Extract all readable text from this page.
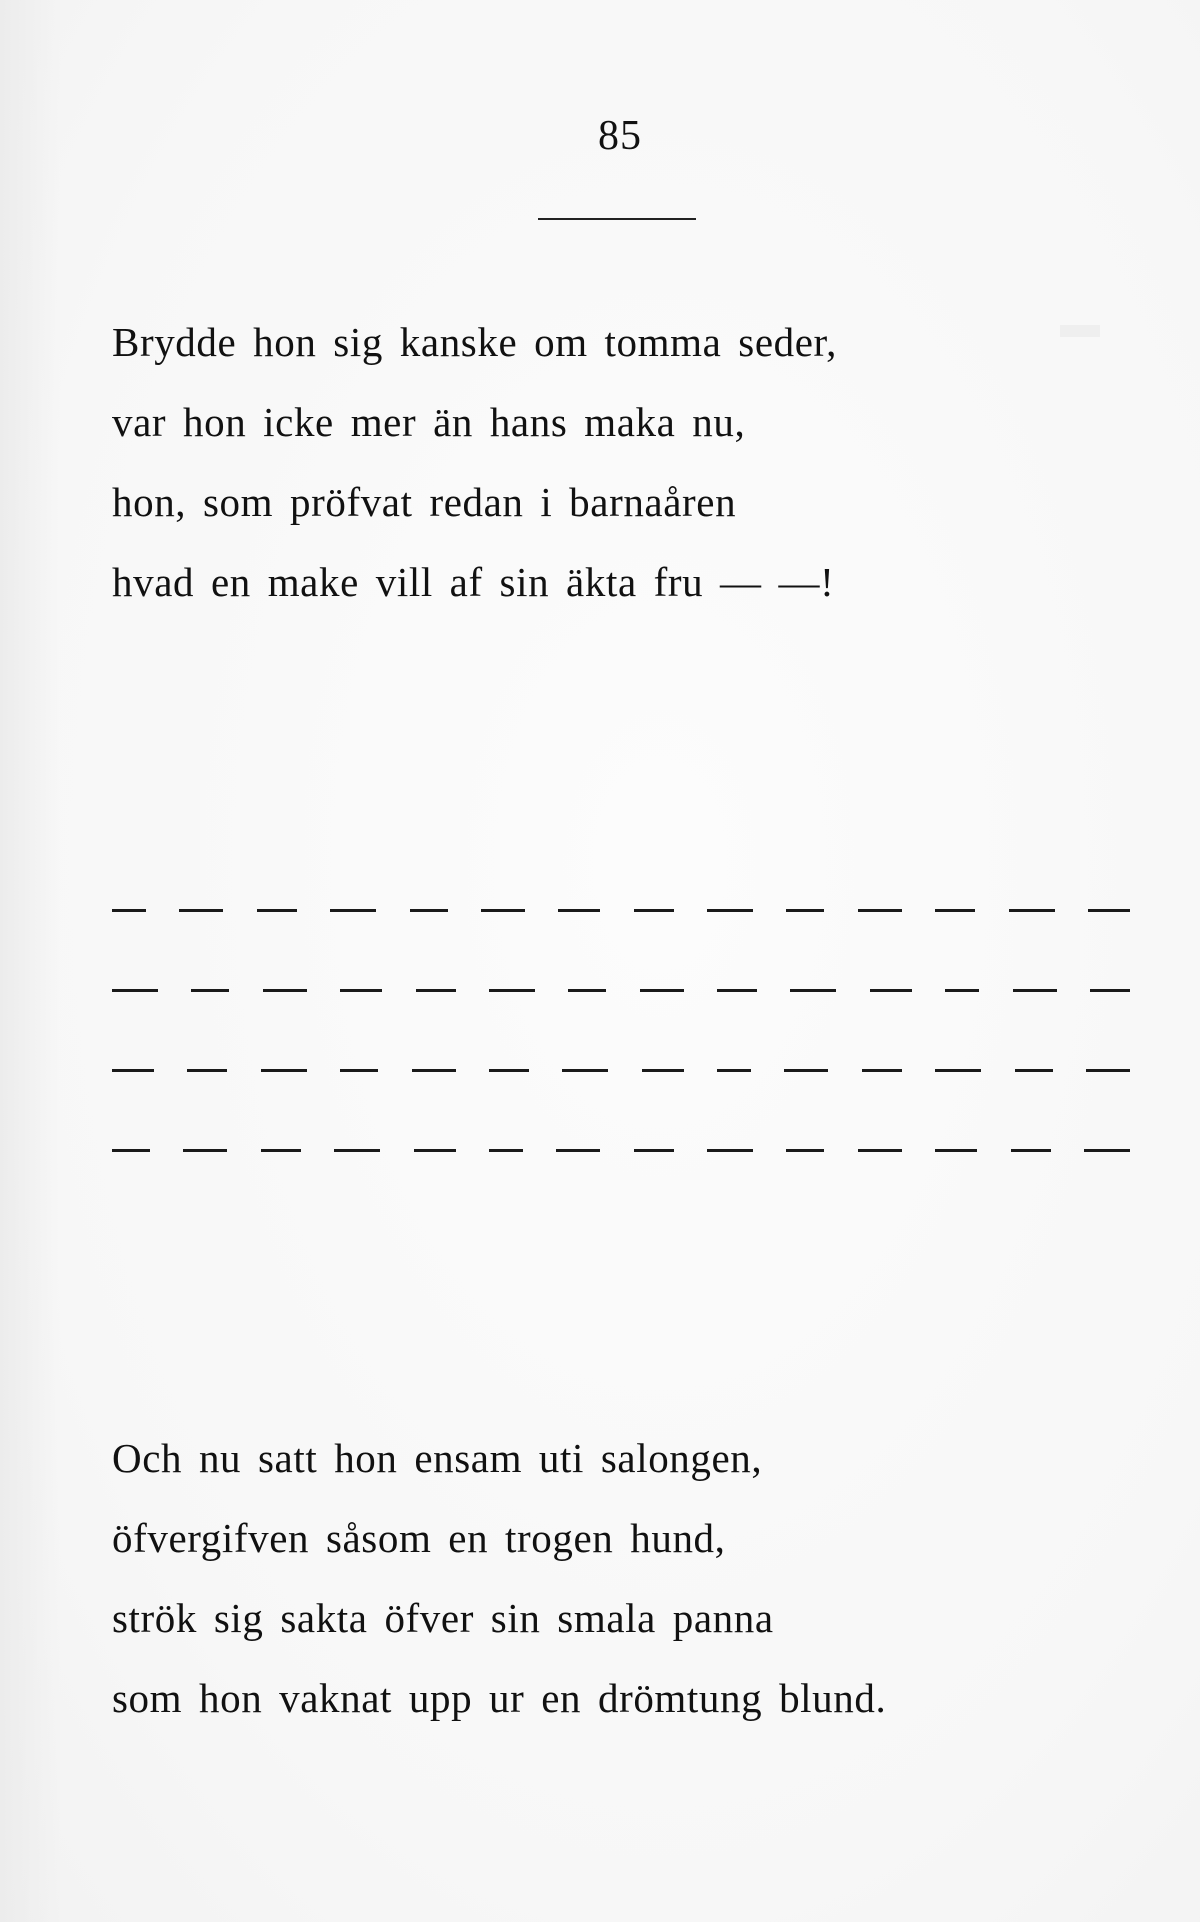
85
Brydde hon sig kanske om tomma seder,
var hon icke mer än hans maka nu,
hon, som pröfvat redan i barnaåren
hvad en make vill af sin äkta fru — —!
Och nu satt hon ensam uti salongen,
öfvergifven såsom en trogen hund,
strök sig sakta öfver sin smala panna
som hon vaknat upp ur en drömtung blund.
